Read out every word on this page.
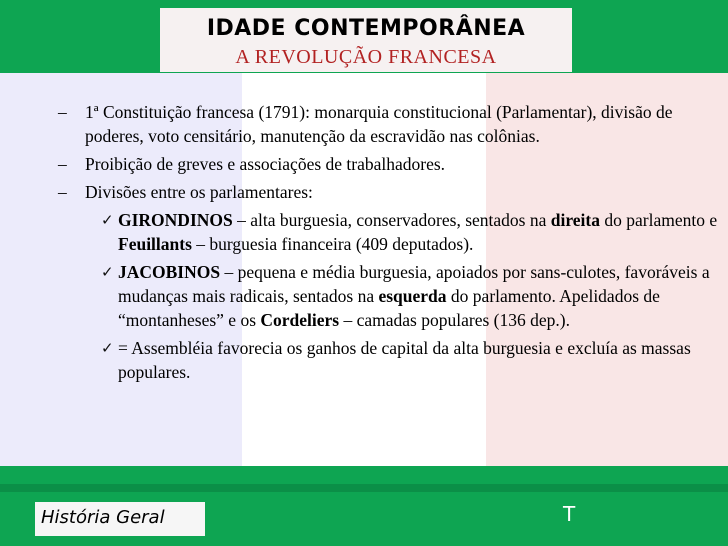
IDADE CONTEMPORÂNEA
A REVOLUÇÃO FRANCESA
–	1ª Constituição francesa (1791): monarquia constitucional (Parlamentar), divisão de poderes, voto censitário, manutenção da escravidão nas colônias.
–	Proibição de greves e associações de trabalhadores.
–	Divisões entre os parlamentares:
✓ GIRONDINOS – alta burguesia, conservadores, sentados na direita do parlamento e Feuillants – burguesia financeira (409 deputados).
✓ JACOBINOS – pequena e média burguesia, apoiados por sans-culotes, favoráveis a mudanças mais radicais, sentados na esquerda do parlamento. Apelidados de “montanheses” e os Cordeliers – camadas populares (136 dep.).
✓ = Assembléia favorecia os ganhos de capital da alta burguesia e excluía as massas populares.
História Geral	T
